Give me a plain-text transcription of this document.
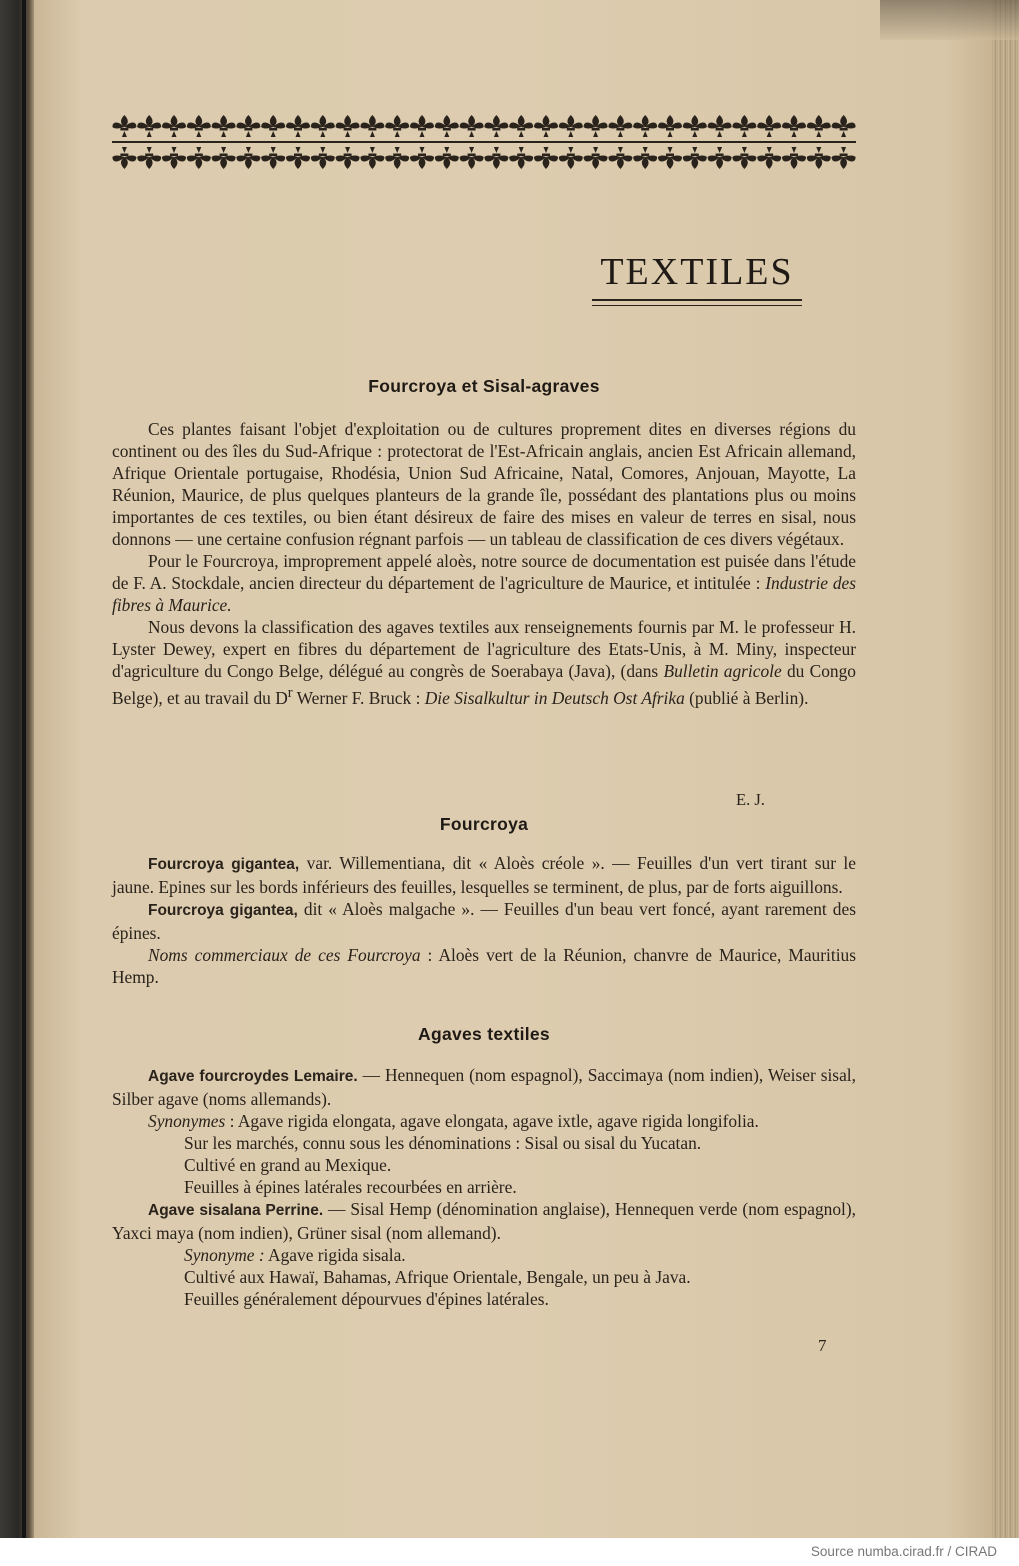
TEXTILES
Fourcroya et Sisal-agraves

Ces plantes faisant l'objet d'exploitation ou de cultures proprement dites en diverses régions du continent ou des îles du Sud-Afrique : protectorat de l'Est-Africain anglais, ancien Est Africain allemand, Afrique Orientale portugaise, Rhodésia, Union Sud Africaine, Natal, Comores, Anjouan, Mayotte, La Réunion, Maurice, de plus quelques planteurs de la grande île, possédant des plantations plus ou moins importantes de ces textiles, ou bien étant désireux de faire des mises en valeur de terres en sisal, nous donnons — une certaine confusion régnant parfois — un tableau de classification de ces divers végétaux.

Pour le Fourcroya, improprement appelé aloès, notre source de documentation est puisée dans l'étude de F. A. Stockdale, ancien directeur du département de l'agriculture de Maurice, et intitulée : Industrie des fibres à Maurice.

Nous devons la classification des agaves textiles aux renseignements fournis par M. le professeur H. Lyster Dewey, expert en fibres du département de l'agriculture des Etats-Unis, à M. Miny, inspecteur d'agriculture du Congo Belge, délégué au congrès de Soerabaya (Java), (dans Bulletin agricole du Congo Belge), et au travail du $D^r$ Werner F. Bruck : Die Sisalkultur in Deutsch Ost Afrika (publié à Berlin).

E. J.
Fourcroya

Fourcroya gigantea, var. Willementiana, dit « Aloès créole ». — Feuilles d'un vert tirant sur le jaune. Epines sur les bords inférieurs des feuilles, lesquelles se terminent, de plus, par de forts aiguillons.

Fourcroya gigantea, dit « Aloès malgache ». — Feuilles d'un beau vert foncé, ayant rarement des épines.

Noms commerciaux de ces Fourcroya : Aloès vert de la Réunion, chanvre de Maurice, Mauritius Hemp.

Agaves textiles

Agave fourcroydes Lemaire. — Hennequen (nom espagnol), Saccimaya (nom indien), Weiser sisal, Silber agave (noms allemands).

Synonymes : Agave rigida elongata, agave elongata, agave ixtle, agave rigida longifolia.

Sur les marchés, connu sous les dénominations : Sisal ou sisal du Yucatan.

Cultivé en grand au Mexique.

Feuilles à épines latérales recourbées en arrière.

Agave sisalana Perrine. — Sisal Hemp (dénomination anglaise), Hennequen verde (nom espagnol), Yaxci maya (nom indien), Grüner sisal (nom allemand).

Synonyme : Agave rigida sisala.

Cultivé aux Hawaï, Bahamas, Afrique Orientale, Bengale, un peu à Java.

Feuilles généralement dépourvues d'épines latérales.

7
Source numba.cirad.fr / CIRAD
